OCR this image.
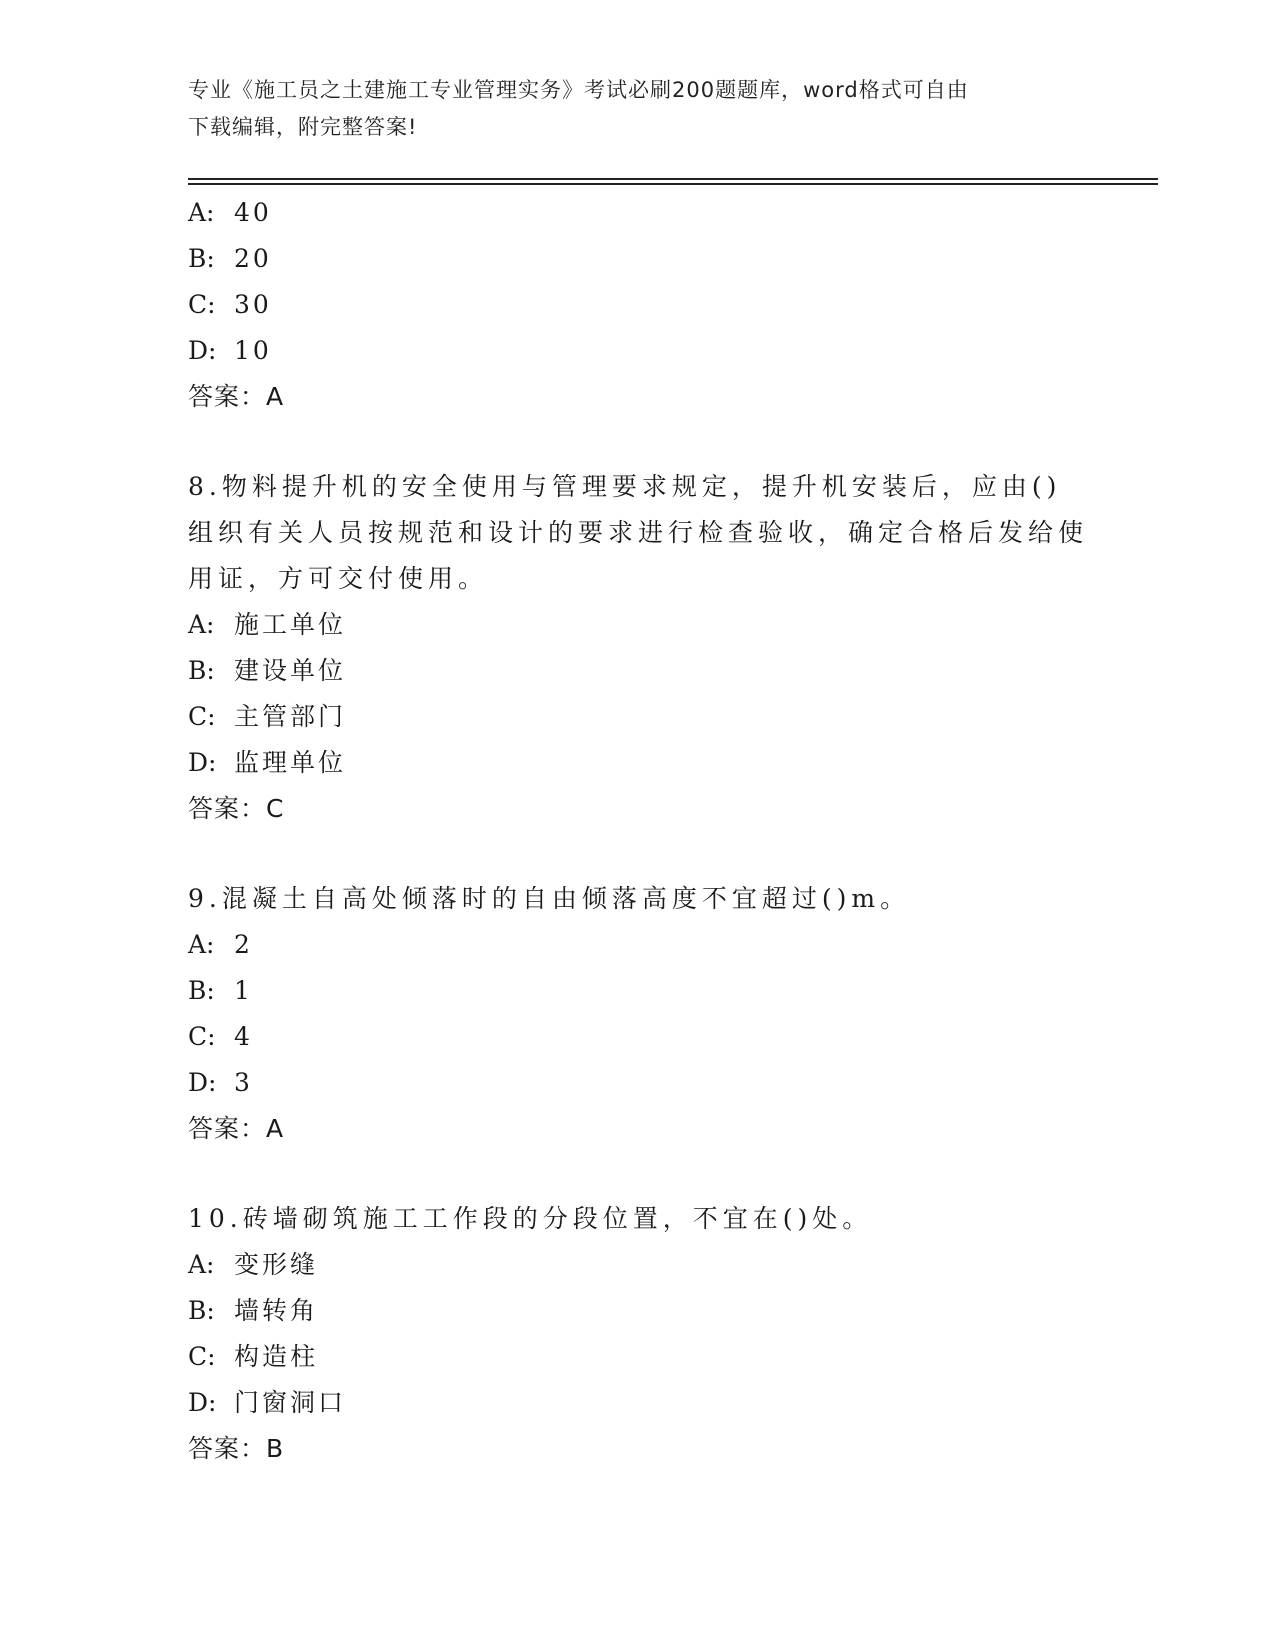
专业《施工员之土建施工专业管理实务》考试必刷200题题库，word格式可自由
下载编辑，附完整答案!
A: 40
B: 20
C: 30
D: 10
答案：A
8.物料提升机的安全使用与管理要求规定，提升机安装后，应由()
组织有关人员按规范和设计的要求进行检查验收，确定合格后发给使
用证，方可交付使用。
A: 施工单位
B: 建设单位
C: 主管部门
D: 监理单位
答案：C
9.混凝土自高处倾落时的自由倾落高度不宜超过()m。
A: 2
B: 1
C: 4
D: 3
答案：A
10.砖墙砌筑施工工作段的分段位置，不宜在()处。
A: 变形缝
B: 墙转角
C: 构造柱
D: 门窗洞口
答案：B
